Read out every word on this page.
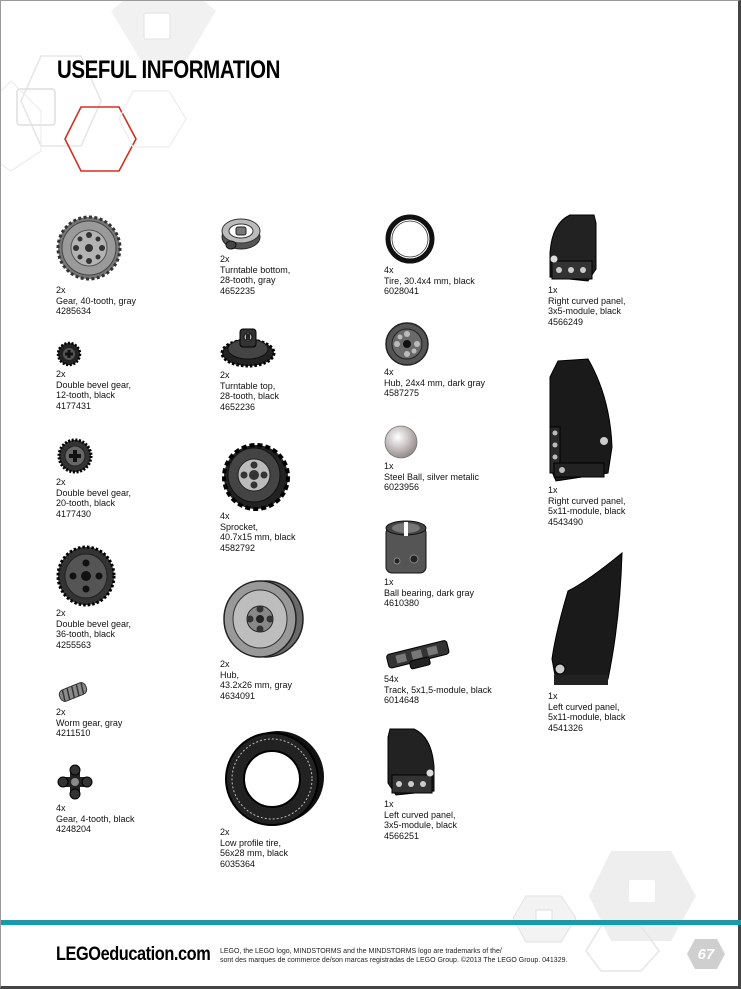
USEFUL INFORMATION
2x
Gear, 40-tooth, gray
4285634
2x
Double bevel gear,
12-tooth, black
4177431
2x
Double bevel gear,
20-tooth, black
4177430
2x
Double bevel gear,
36-tooth, black
4255563
2x
Worm gear, gray
4211510
4x
Gear, 4-tooth, black
4248204
2x
Turntable bottom,
28-tooth, gray
4652235
2x
Turntable top,
28-tooth, black
4652236
4x
Sprocket,
40.7x15 mm, black
4582792
2x
Hub,
43.2x26 mm, gray
4634091
2x
Low profile tire,
56x28 mm, black
6035364
4x
Tire, 30.4x4 mm, black
6028041
4x
Hub, 24x4 mm, dark gray
4587275
1x
Steel Ball, silver metalic
6023956
1x
Ball bearing, dark gray
4610380
54x
Track, 5x1,5-module, black
6014648
1x
Left curved panel,
3x5-module, black
4566251
1x
Right curved panel,
3x5-module, black
4566249
1x
Right curved panel,
5x11-module, black
4543490
1x
Left curved panel,
5x11-module, black
4541326
LEGOeducation.com LEGO, the LEGO logo, MINDSTORMS and the MINDSTORMS logo are trademarks of the/
sont des marques de commerce de/son marcas registradas de LEGO Group. ©2013 The LEGO Group. 041329.	67
